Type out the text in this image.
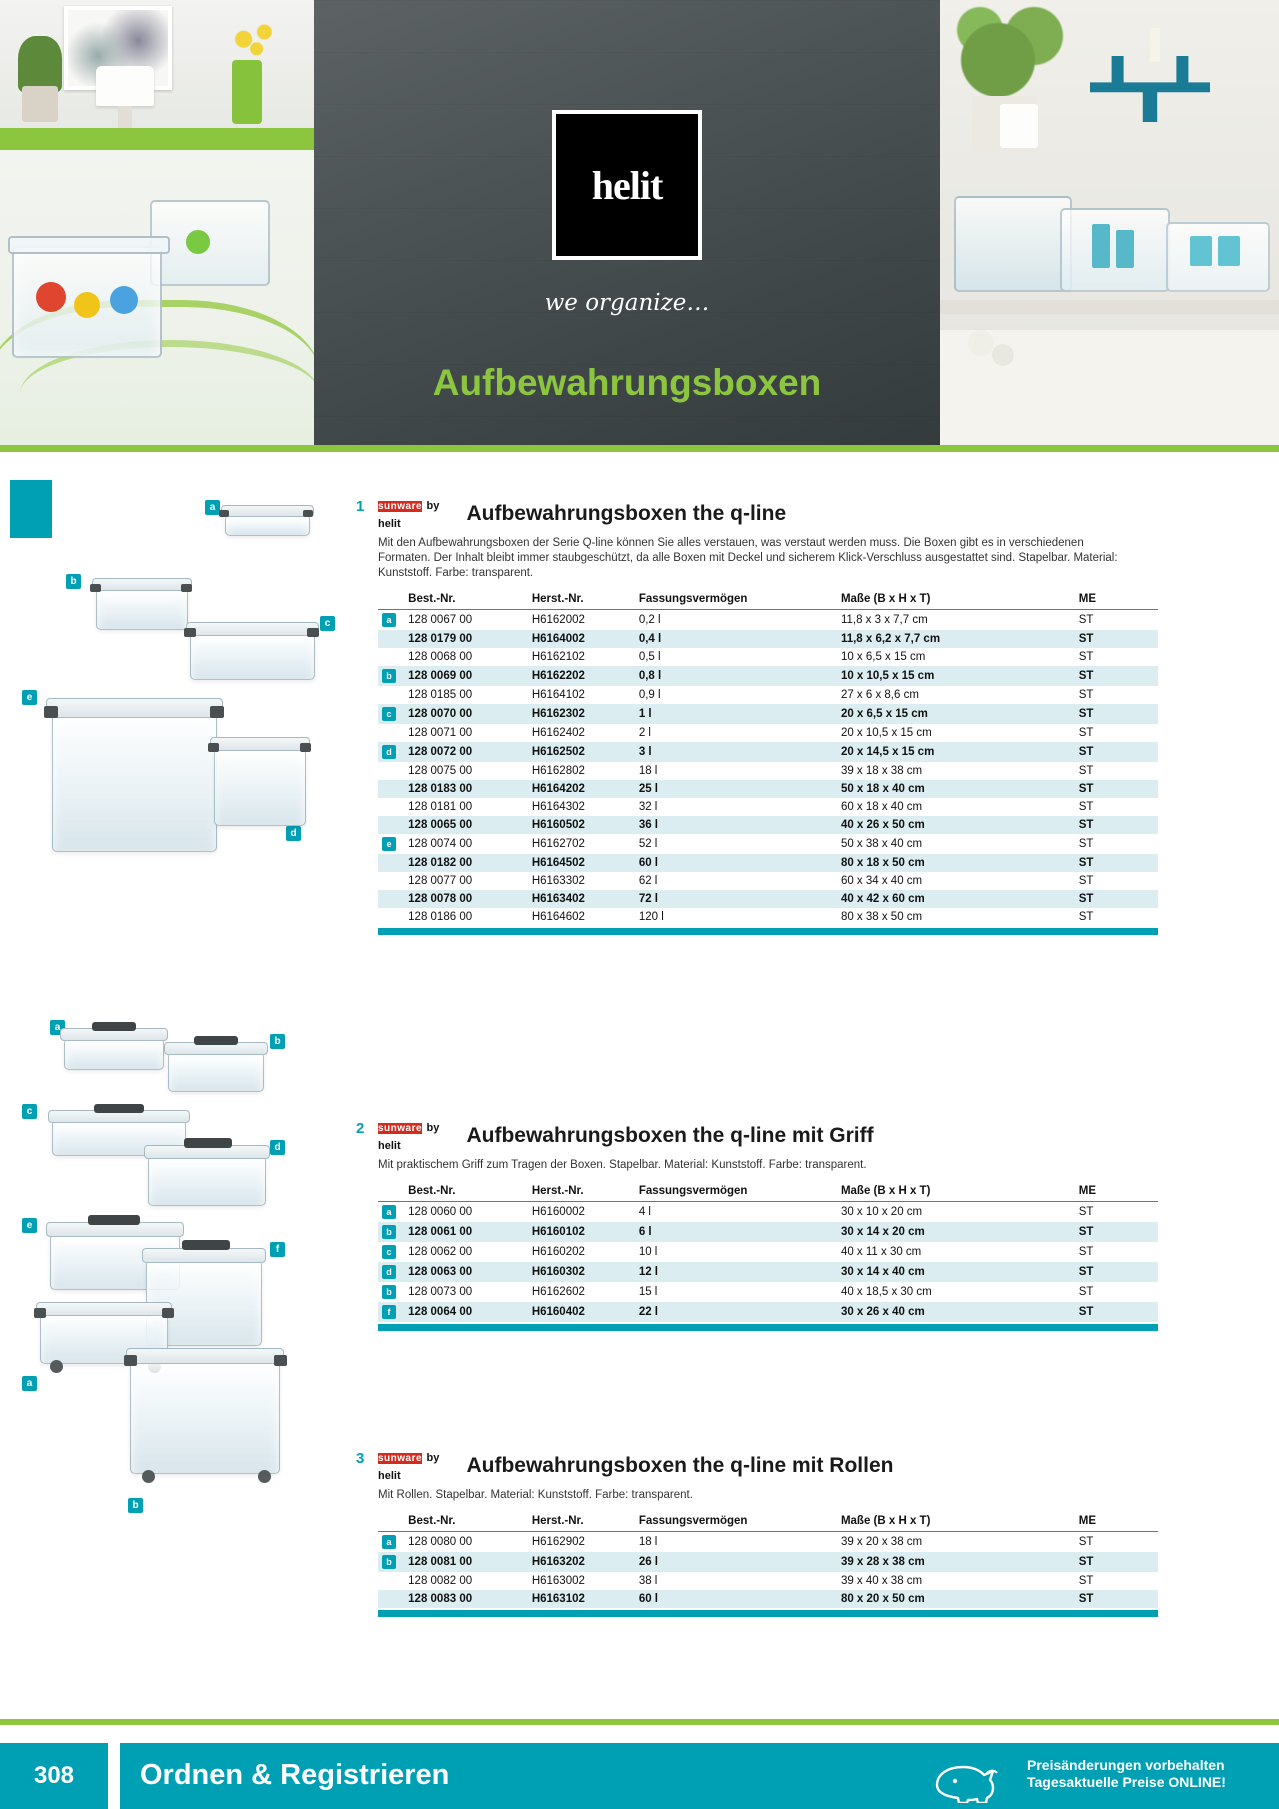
helit
we organize…
Aufbewahrungsboxen
a
b
c
e
d
a
b
c
d
e
f
a
b
1 sunware by helit	Aufbewahrungsboxen the q-line
Mit den Aufbewahrungsboxen der Serie Q-line können Sie alles verstauen, was verstaut werden muss. Die Boxen gibt es in verschiedenen Formaten. Der Inhalt bleibt immer staubgeschützt, da alle Boxen mit Deckel und sicherem Klick-Verschluss ausgestattet sind. Stapelbar. Material: Kunststoff. Farbe: transparent.
	Best.-Nr.	Herst.-Nr.	Fassungsvermögen	Maße (B x H x T)	ME
a	128 0067 00	H6162002	0,2 l	11,8 x 3 x 7,7 cm	ST
	128 0179 00	H6164002	0,4 l	11,8 x 6,2 x 7,7 cm	ST
	128 0068 00	H6162102	0,5 l	10 x 6,5 x 15 cm	ST
b	128 0069 00	H6162202	0,8 l	10 x 10,5 x 15 cm	ST
	128 0185 00	H6164102	0,9 l	27 x 6 x 8,6 cm	ST
c	128 0070 00	H6162302	1 l	20 x 6,5 x 15 cm	ST
	128 0071 00	H6162402	2 l	20 x 10,5 x 15 cm	ST
d	128 0072 00	H6162502	3 l	20 x 14,5 x 15 cm	ST
	128 0075 00	H6162802	18 l	39 x 18 x 38 cm	ST
	128 0183 00	H6164202	25 l	50 x 18 x 40 cm	ST
	128 0181 00	H6164302	32 l	60 x 18 x 40 cm	ST
	128 0065 00	H6160502	36 l	40 x 26 x 50 cm	ST
e	128 0074 00	H6162702	52 l	50 x 38 x 40 cm	ST
	128 0182 00	H6164502	60 l	80 x 18 x 50 cm	ST
	128 0077 00	H6163302	62 l	60 x 34 x 40 cm	ST
	128 0078 00	H6163402	72 l	40 x 42 x 60 cm	ST
	128 0186 00	H6164602	120 l	80 x 38 x 50 cm	ST
2 sunware by helit	Aufbewahrungsboxen the q-line mit Griff
Mit praktischem Griff zum Tragen der Boxen. Stapelbar. Material: Kunststoff. Farbe: transparent.
	Best.-Nr.	Herst.-Nr.	Fassungsvermögen	Maße (B x H x T)	ME
a	128 0060 00	H6160002	4 l	30 x 10 x 20 cm	ST
b	128 0061 00	H6160102	6 l	30 x 14 x 20 cm	ST
c	128 0062 00	H6160202	10 l	40 x 11 x 30 cm	ST
d	128 0063 00	H6160302	12 l	30 x 14 x 40 cm	ST
b	128 0073 00	H6162602	15 l	40 x 18,5 x 30 cm	ST
f	128 0064 00	H6160402	22 l	30 x 26 x 40 cm	ST
3 sunware by helit	Aufbewahrungsboxen the q-line mit Rollen
Mit Rollen. Stapelbar. Material: Kunststoff. Farbe: transparent.
	Best.-Nr.	Herst.-Nr.	Fassungsvermögen	Maße (B x H x T)	ME
a	128 0080 00	H6162902	18 l	39 x 20 x 38 cm	ST
b	128 0081 00	H6163202	26 l	39 x 28 x 38 cm	ST
	128 0082 00	H6163002	38 l	39 x 40 x 38 cm	ST
	128 0083 00	H6163102	60 l	80 x 20 x 50 cm	ST
308	Ordnen & Registrieren	Preisänderungen vorbehalten
Tagesaktuelle Preise ONLINE!
